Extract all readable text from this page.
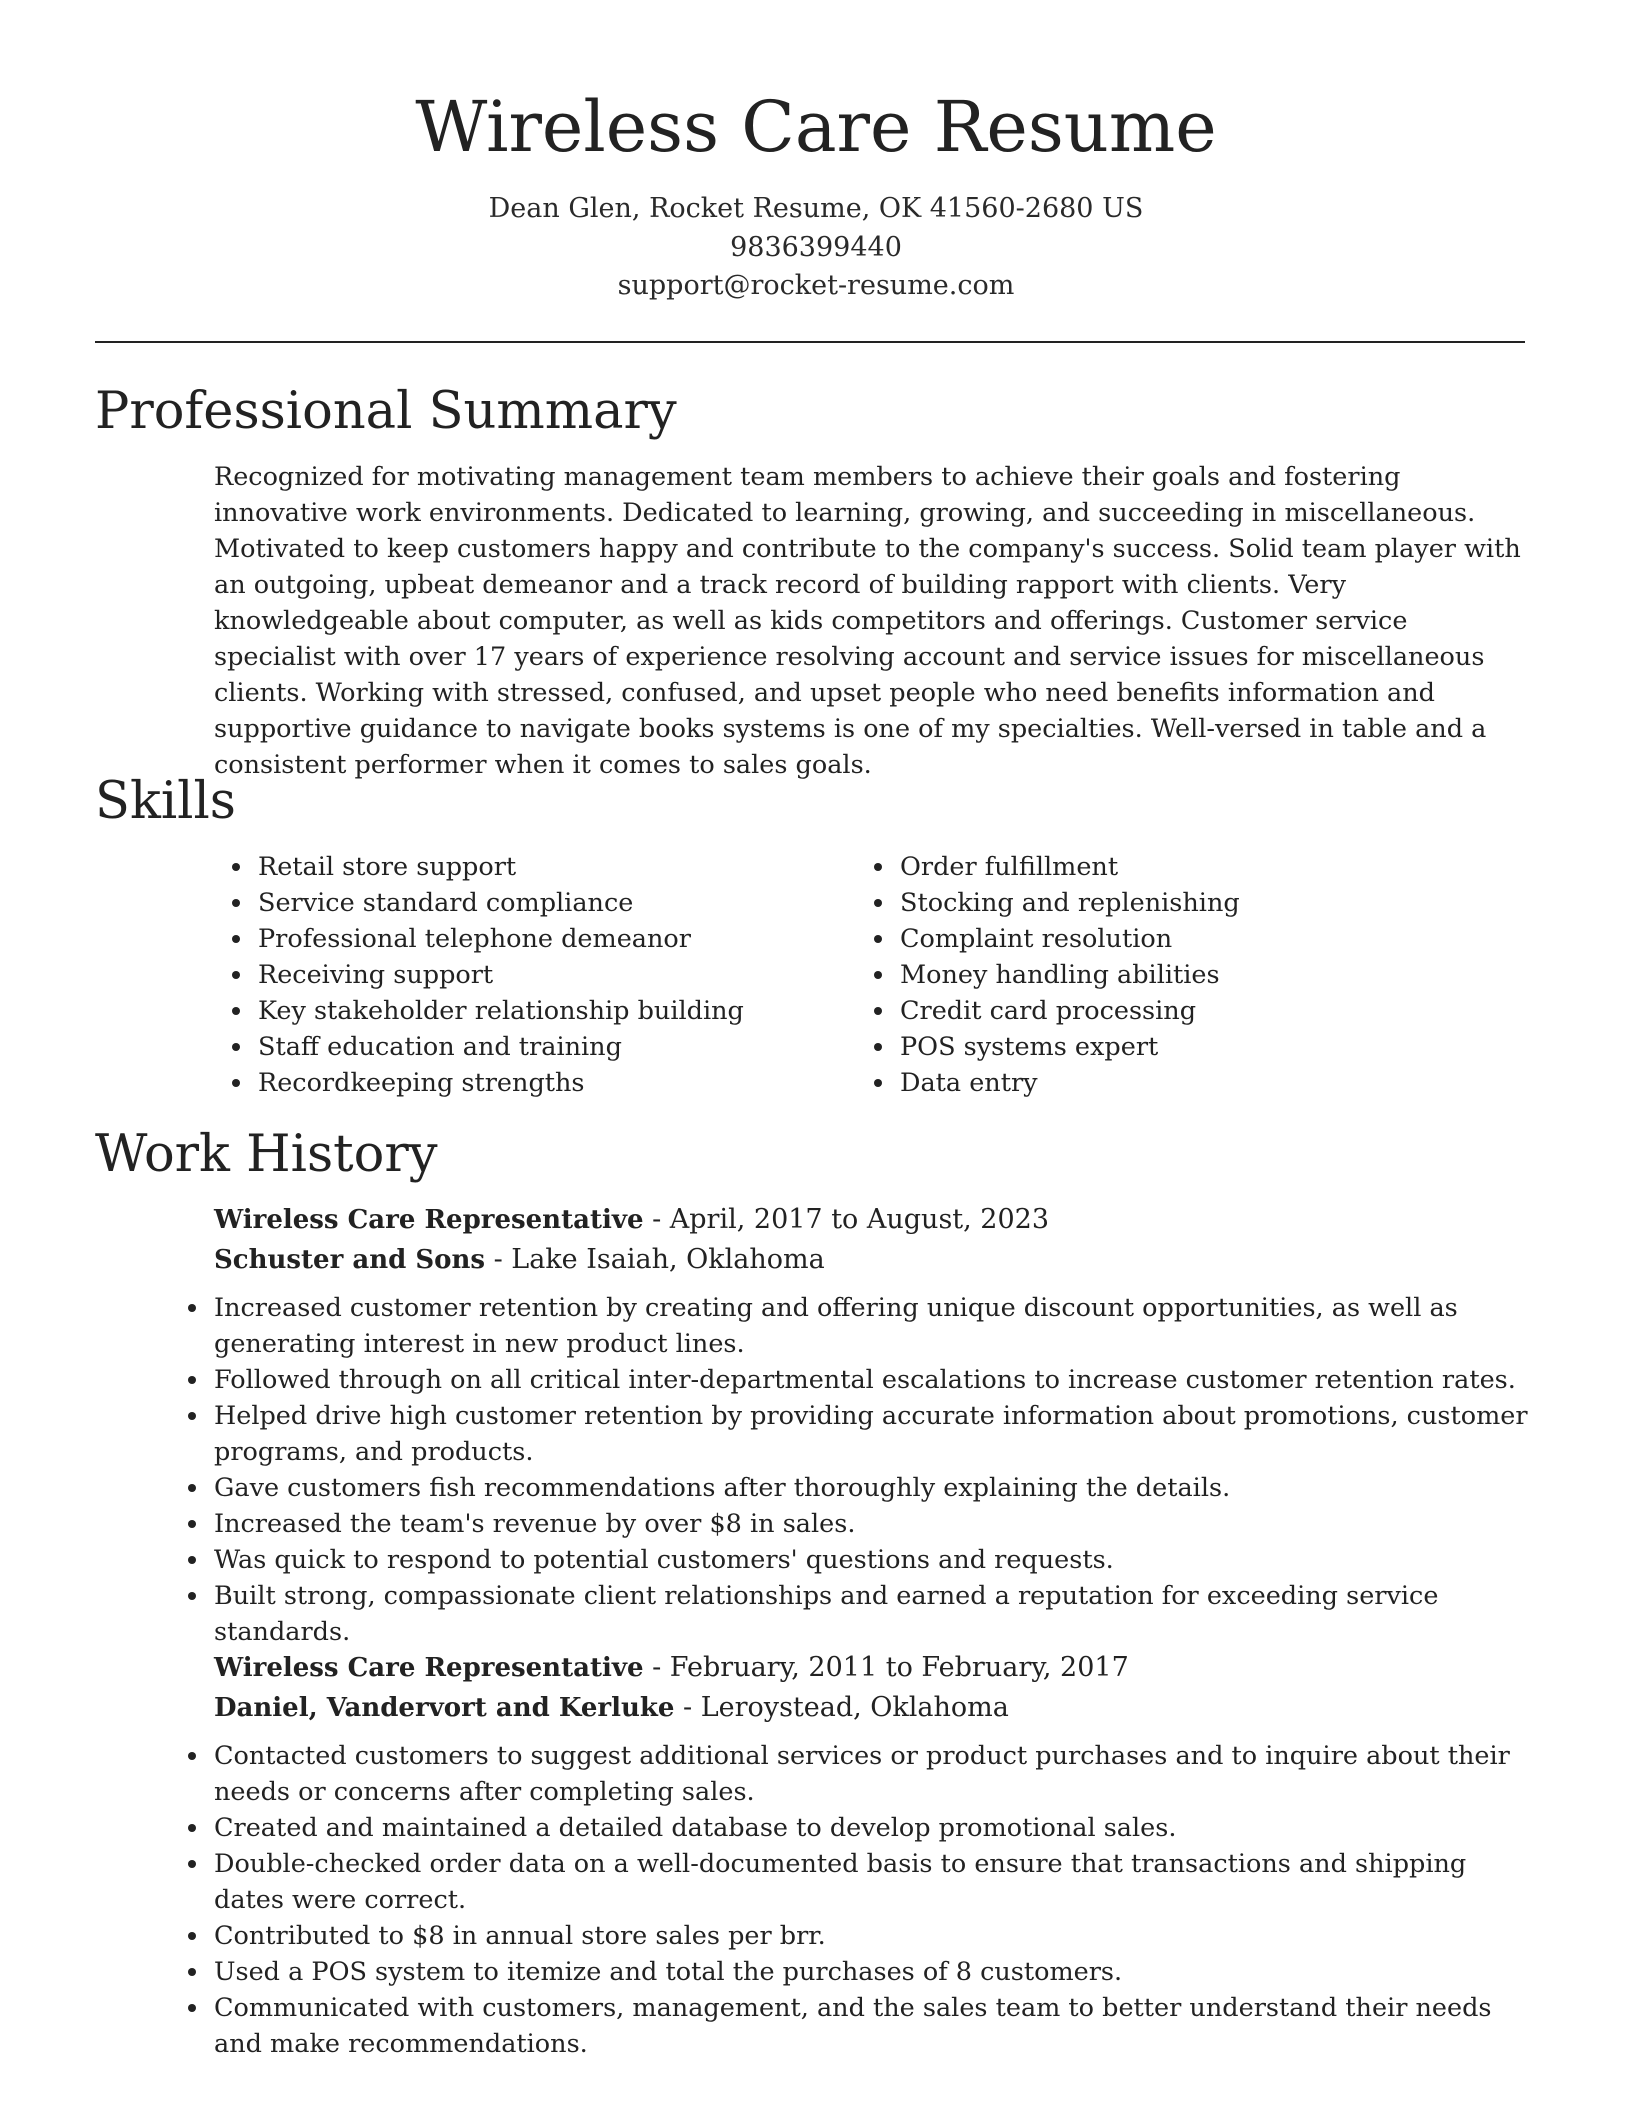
Wireless Care Resume
Dean Glen, Rocket Resume, OK 41560-2680 US
9836399440
support@rocket-resume.com
Professional Summary

Recognized for motivating management team members to achieve their goals and fostering innovative work environments. Dedicated to learning, growing, and succeeding in miscellaneous. Motivated to keep customers happy and contribute to the company's success. Solid team player with an outgoing, upbeat demeanor and a track record of building rapport with clients. Very knowledgeable about computer, as well as kids competitors and offerings. Customer service specialist with over 17 years of experience resolving account and service issues for miscellaneous clients. Working with stressed, confused, and upset people who need benefits information and supportive guidance to navigate books systems is one of my specialties. Well-versed in table and a consistent performer when it comes to sales goals.

Skills
Retail store support
Service standard compliance
Professional telephone demeanor
Receiving support
Key stakeholder relationship building
Staff education and training
Recordkeeping strengths
Order fulfillment
Stocking and replenishing
Complaint resolution
Money handling abilities
Credit card processing
POS systems expert
Data entry
Work History
Wireless Care Representative - April, 2017 to August, 2023
Schuster and Sons - Lake Isaiah, Oklahoma
Increased customer retention by creating and offering unique discount opportunities, as well as generating interest in new product lines.
Followed through on all critical inter-departmental escalations to increase customer retention rates.
Helped drive high customer retention by providing accurate information about promotions, customer programs, and products.
Gave customers fish recommendations after thoroughly explaining the details.
Increased the team's revenue by over $8 in sales.
Was quick to respond to potential customers' questions and requests.
Built strong, compassionate client relationships and earned a reputation for exceeding service standards.
Wireless Care Representative - February, 2011 to February, 2017
Daniel, Vandervort and Kerluke - Leroystead, Oklahoma
Contacted customers to suggest additional services or product purchases and to inquire about their needs or concerns after completing sales.
Created and maintained a detailed database to develop promotional sales.
Double-checked order data on a well-documented basis to ensure that transactions and shipping dates were correct.
Contributed to $8 in annual store sales per brr.
Used a POS system to itemize and total the purchases of 8 customers.
Communicated with customers, management, and the sales team to better understand their needs and make recommendations.
